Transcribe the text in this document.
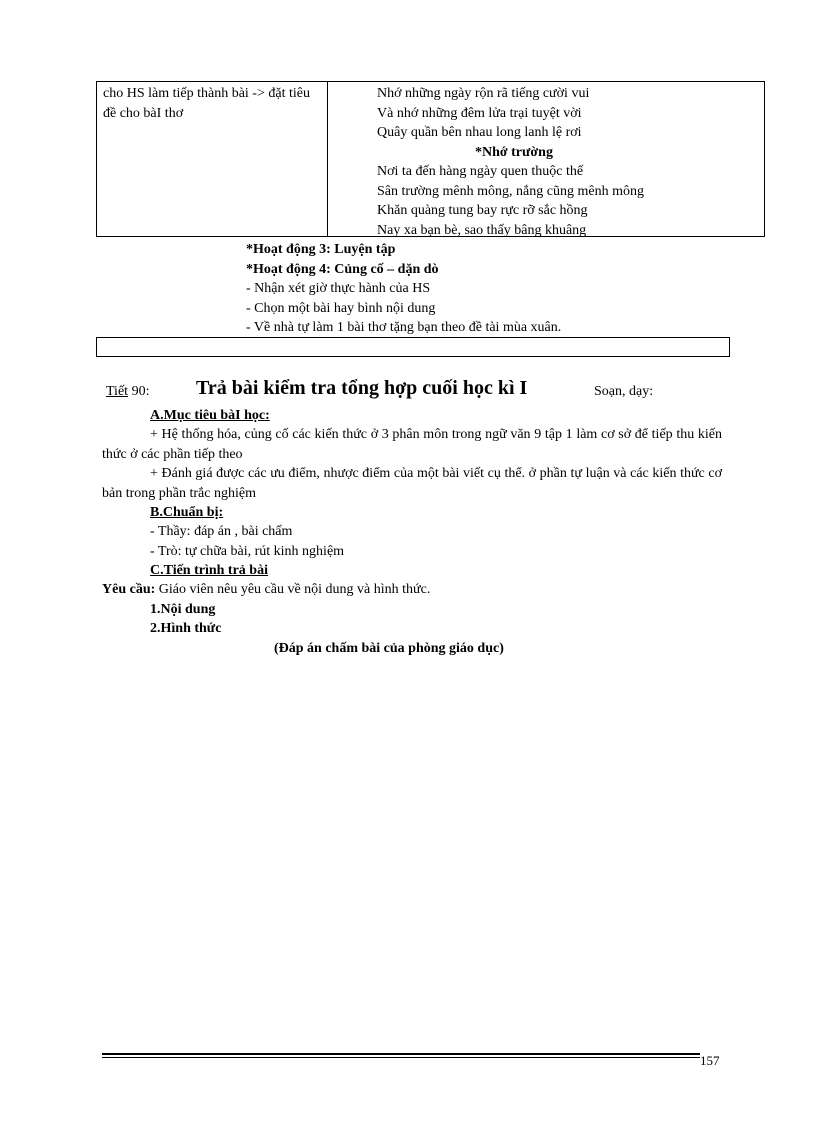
cho HS làm tiếp thành bài -> đặt tiêu đề cho bàI thơ
Nhớ những ngày rộn rã tiếng cười vui
Và nhớ những đêm lửa trại tuyệt vời
Quây quần bên nhau long lanh lệ rơi
*Nhớ trường
Nơi ta đến hàng ngày quen thuộc thế
Sân trường mênh mông, nắng cũng mênh mông
Khăn quàng tung bay rực rỡ sắc hồng
Nay xa bạn bè, sao thấy bâng khuâng
*Hoạt động 3: Luyện tập
*Hoạt động 4: Củng cố – dặn dò
- Nhận xét giờ thực hành của HS
- Chọn một bài hay bình nội dung
- Về nhà tự làm 1 bài thơ tặng bạn theo đề tài mùa xuân.
Tiết 90: Trả bài kiểm tra tổng hợp cuối học kì I	Soạn, dạy:
A.Mục tiêu bàI học:
+ Hệ thống hóa, củng cố các kiến thức ở 3 phân môn trong ngữ văn 9 tập 1 làm cơ sở để tiếp thu kiến thức ở các phần tiếp theo
+ Đánh giá được các ưu điểm, nhược điểm của một bài viết cụ thể. ở phần tự luận và các kiến thức cơ bản trong phần trắc nghiệm
B.Chuẩn bị:
- Thầy: đáp án , bài chấm
- Trò: tự chữa bài, rút kinh nghiệm
C.Tiến trình trả bài
Yêu cầu: Giáo viên nêu yêu cầu về nội dung và hình thức.
1.Nội dung
2.Hình thức
(Đáp án chấm bài của phòng giáo dục)
157
